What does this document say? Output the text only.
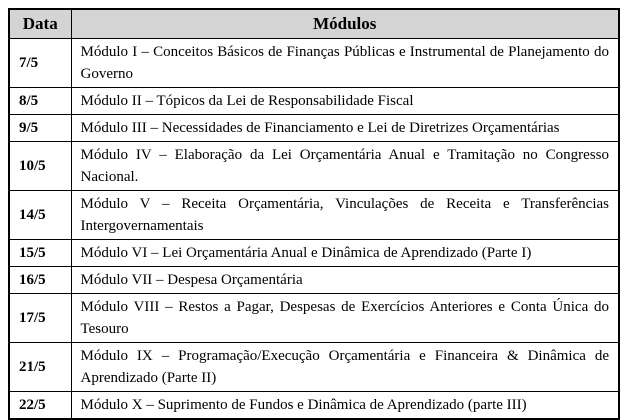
Data	Módulos
7/5	Módulo I – Conceitos Básicos de Finanças Públicas e Instrumental de Planejamento do Governo
8/5	Módulo II – Tópicos da Lei de Responsabilidade Fiscal
9/5	Módulo III – Necessidades de Financiamento e Lei de Diretrizes Orçamentárias
10/5	Módulo IV – Elaboração da Lei Orçamentária Anual e Tramitação no Congresso Nacional.
14/5	Módulo V – Receita Orçamentária, Vinculações de Receita e Transferências Intergovernamentais
15/5	Módulo VI – Lei Orçamentária Anual e Dinâmica de Aprendizado (Parte I)
16/5	Módulo VII – Despesa Orçamentária
17/5	Módulo VIII – Restos a Pagar, Despesas de Exercícios Anteriores e Conta Única do Tesouro
21/5	Módulo IX – Programação/Execução Orçamentária e Financeira & Dinâmica de Aprendizado (Parte II)
22/5	Módulo X – Suprimento de Fundos e Dinâmica de Aprendizado (parte III)
